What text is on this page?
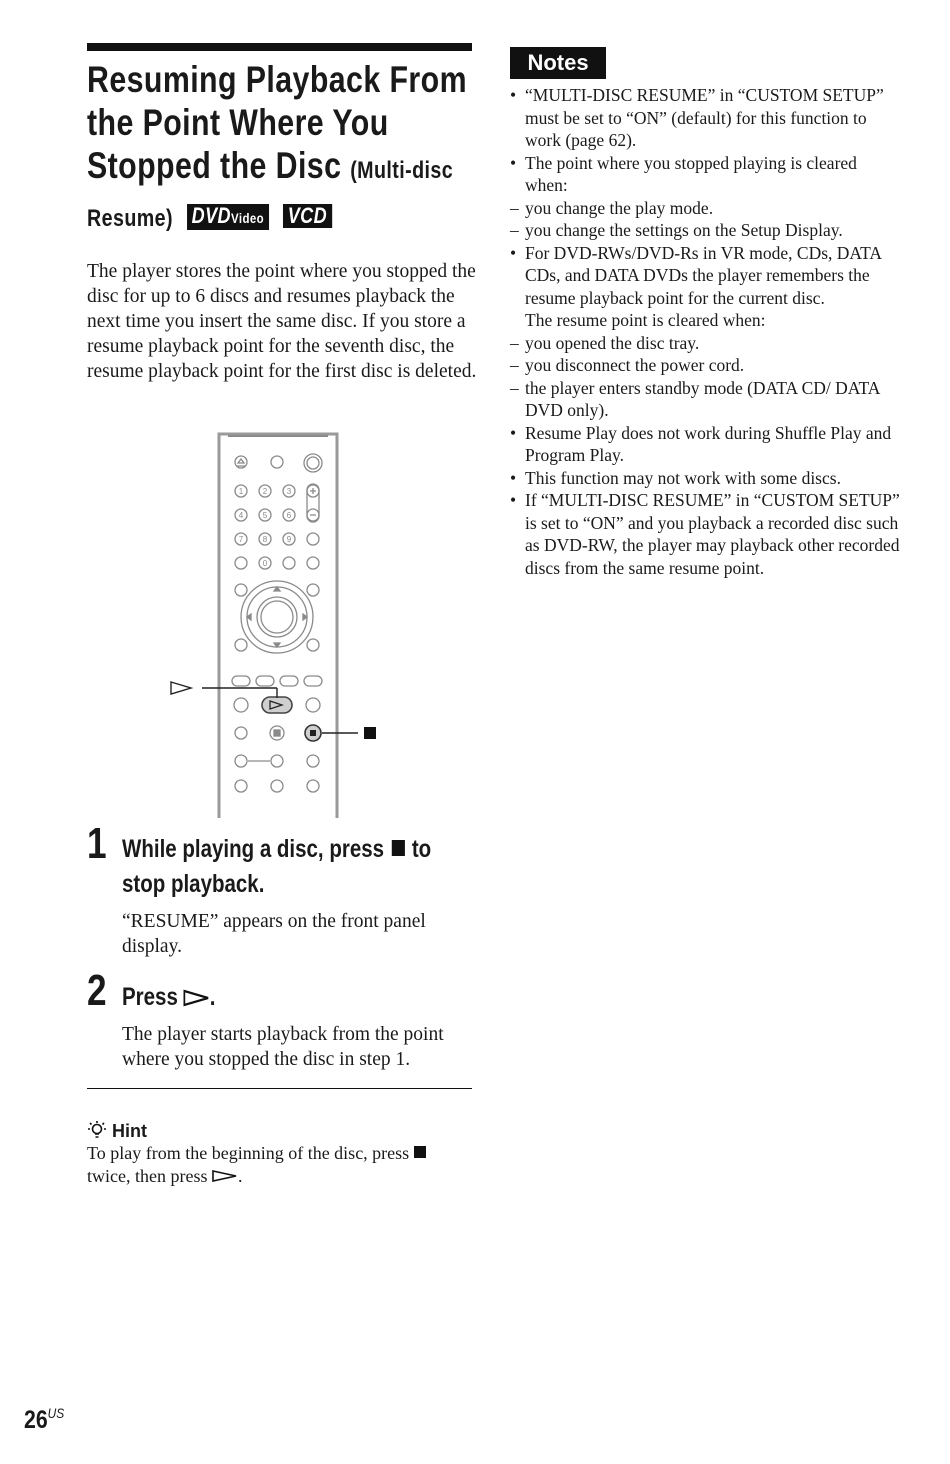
Resuming Playback From
the Point Where You
Stopped the Disc (Multi-disc
Resume) DVDVideo VCD
The player stores the point where you stopped the disc for up to 6 discs and resumes playback the next time you insert the same disc. If you store a resume playback point for the seventh disc, the resume playback point for the first disc is deleted.
1 2 3
4 5 6
7 8 9
0
1 While playing a disc, press to stop playback.
“RESUME” appears on the front panel display.
2 Press .
The player starts playback from the point where you stopped the disc in step 1.
Hint
To play from the beginning of the disc, press  twice, then press .
Notes
• “MULTI-DISC RESUME” in “CUSTOM SETUP” must be set to “ON” (default) for this function to work (page 62).
• The point where you stopped playing is cleared when:
– you change the play mode.
– you change the settings on the Setup Display.
• For DVD-RWs/DVD-Rs in VR mode, CDs, DATA CDs, and DATA DVDs the player remembers the resume playback point for the current disc.
The resume point is cleared when:
– you opened the disc tray.
– you disconnect the power cord.
– the player enters standby mode (DATA CD/ DATA DVD only).
• Resume Play does not work during Shuffle Play and Program Play.
• This function may not work with some discs.
• If “MULTI-DISC RESUME” in “CUSTOM SETUP” is set to “ON” and you playback a recorded disc such as DVD-RW, the player may playback other recorded discs from the same resume point.
$26^{US}$
